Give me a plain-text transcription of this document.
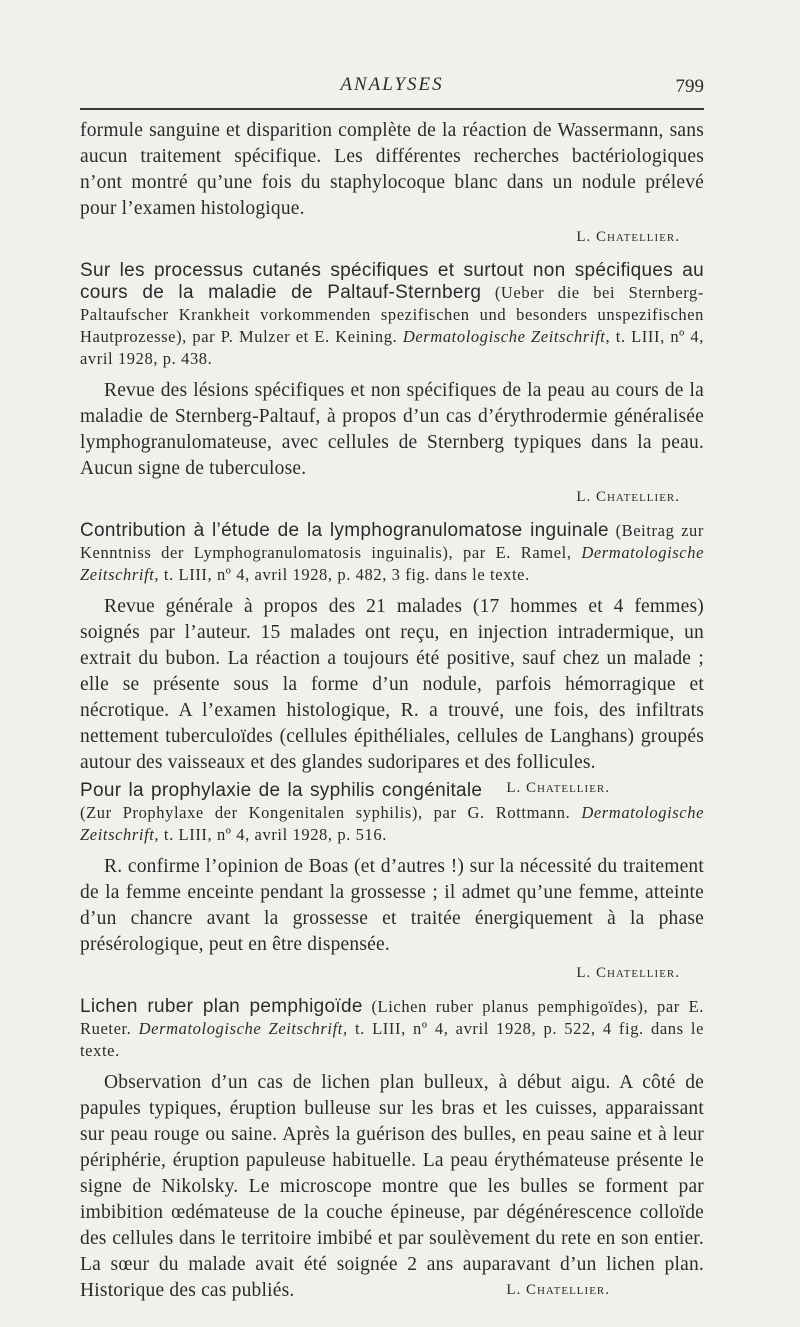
ANALYSES	799

formule sanguine et disparition complète de la réaction de Wassermann, sans aucun traitement spécifique. Les différentes recherches bactériologiques n’ont montré qu’une fois du staphylocoque blanc dans un nodule prélevé pour l’examen histologique.

L. Chatellier.

Sur les processus cutanés spécifiques et surtout non spécifiques au cours de la maladie de Paltauf-Sternberg (Ueber die bei Sternberg-Paltaufscher Krankheit vorkommenden spezifischen und besonders unspezifischen Hautprozesse), par P. Mulzer et E. Keining. Dermatologische Zeitschrift, t. LIII, nº 4, avril 1928, p. 438.

Revue des lésions spécifiques et non spécifiques de la peau au cours de la maladie de Sternberg-Paltauf, à propos d’un cas d’érythrodermie généralisée lymphogranulomateuse, avec cellules de Sternberg typiques dans la peau. Aucun signe de tuberculose.

L. Chatellier.

Contribution à l’étude de la lymphogranulomatose inguinale (Beitrag zur Kenntniss der Lymphogranulomatosis inguinalis), par E. Ramel, Dermatologische Zeitschrift, t. LIII, nº 4, avril 1928, p. 482, 3 fig. dans le texte.

Revue générale à propos des 21 malades (17 hommes et 4 femmes) soignés par l’auteur. 15 malades ont reçu, en injection intradermique, un extrait du bubon. La réaction a toujours été positive, sauf chez un malade ; elle se présente sous la forme d’un nodule, parfois hémorragique et nécrotique. A l’examen histologique, R. a trouvé, une fois, des infiltrats nettement tuberculoïdes (cellules épithéliales, cellules de Langhans) groupés autour des vaisseaux et des glandes sudoripares et des follicules.
L. Chatellier.

Pour la prophylaxie de la syphilis congénitale (Zur Prophylaxe der Kongenitalen syphilis), par G. Rottmann. Dermatologische Zeitschrift, t. LIII, nº 4, avril 1928, p. 516.

R. confirme l’opinion de Boas (et d’autres !) sur la nécessité du traitement de la femme enceinte pendant la grossesse ; il admet qu’une femme, atteinte d’un chancre avant la grossesse et traitée énergiquement à la phase présérologique, peut en être dispensée.

L. Chatellier.

Lichen ruber plan pemphigoïde (Lichen ruber planus pemphigoïdes), par E. Rueter. Dermatologische Zeitschrift, t. LIII, nº 4, avril 1928, p. 522, 4 fig. dans le texte.

Observation d’un cas de lichen plan bulleux, à début aigu. A côté de papules typiques, éruption bulleuse sur les bras et les cuisses, apparaissant sur peau rouge ou saine. Après la guérison des bulles, en peau saine et à leur périphérie, éruption papuleuse habituelle. La peau érythémateuse présente le signe de Nikolsky. Le microscope montre que les bulles se forment par imbibition œdémateuse de la couche épineuse, par dégénérescence colloïde des cellules dans le territoire imbibé et par soulèvement du rete en son entier. La sœur du malade avait été soignée 2 ans auparavant d’un lichen plan. Historique des cas publiés.	L. Chatellier.
